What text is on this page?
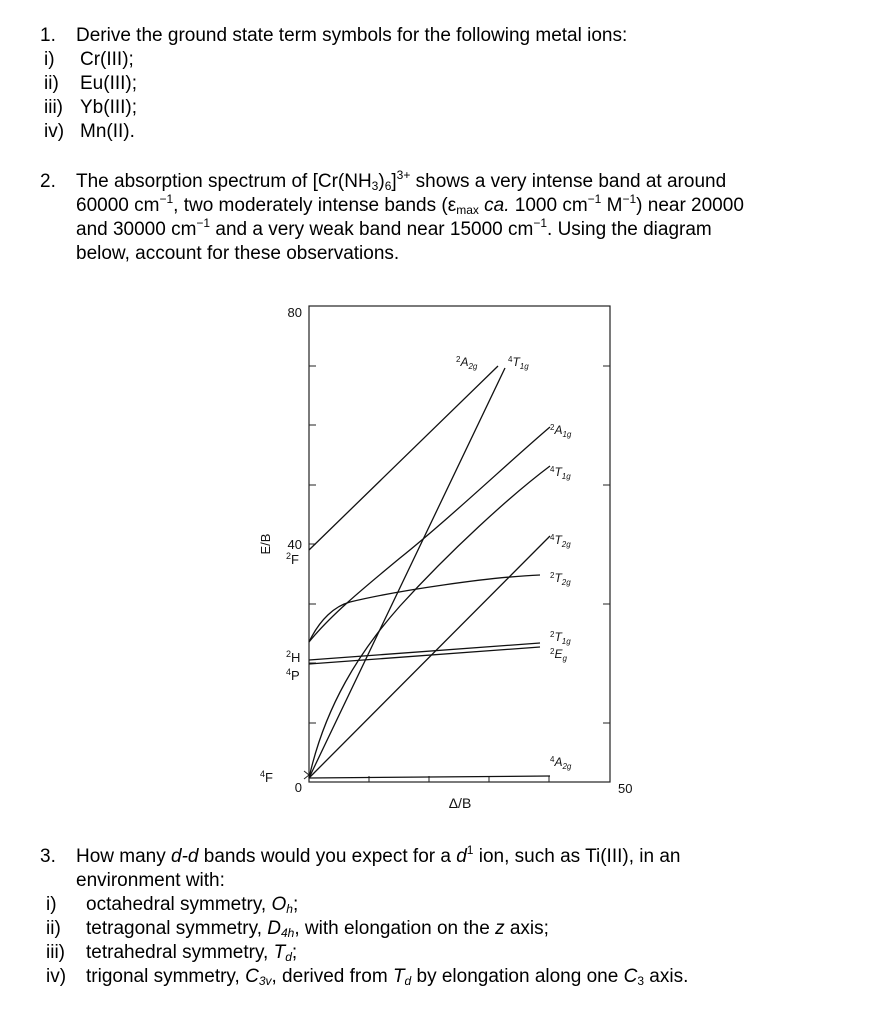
1. Derive the ground state term symbols for the following metal ions:
i) Cr(III);
ii) Eu(III);
iii) Yb(III);
iv) Mn(II).
2. The absorption spectrum of $[Cr(NH_3)_6]^{3+}$ shows a very intense band at around
60000 $cm^{-1}$, two moderately intense bands ($\varepsilon_{max}$ ca. 1000 $cm^{-1}$ $M^{-1}$) near 20000
and 30000 $cm^{-1}$ and a very weak band near 15000 $cm^{-1}$. Using the diagram
below, account for these observations.
80
40
0	50
Δ/B
E/B
$^2$F
$^2$H
$^4$P
$^4$F
$^2A_{2g}$
$^4T_{1g}$
$^2A_{1g}$
$^4T_{1g}$
$^4T_{2g}$
$^2T_{2g}$
$^2T_{1g}$
$^2E_g$
$^4A_{2g}$
3. How many d-d bands would you expect for a $d^1$ ion, such as Ti(III), in an
environment with:
i) octahedral symmetry, $O_h$;
ii) tetragonal symmetry, $D_{4h}$, with elongation on the z axis;
iii) tetrahedral symmetry, $T_d$;
iv) trigonal symmetry, $C_{3v}$, derived from $T_d$ by elongation along one $C_3$ axis.
